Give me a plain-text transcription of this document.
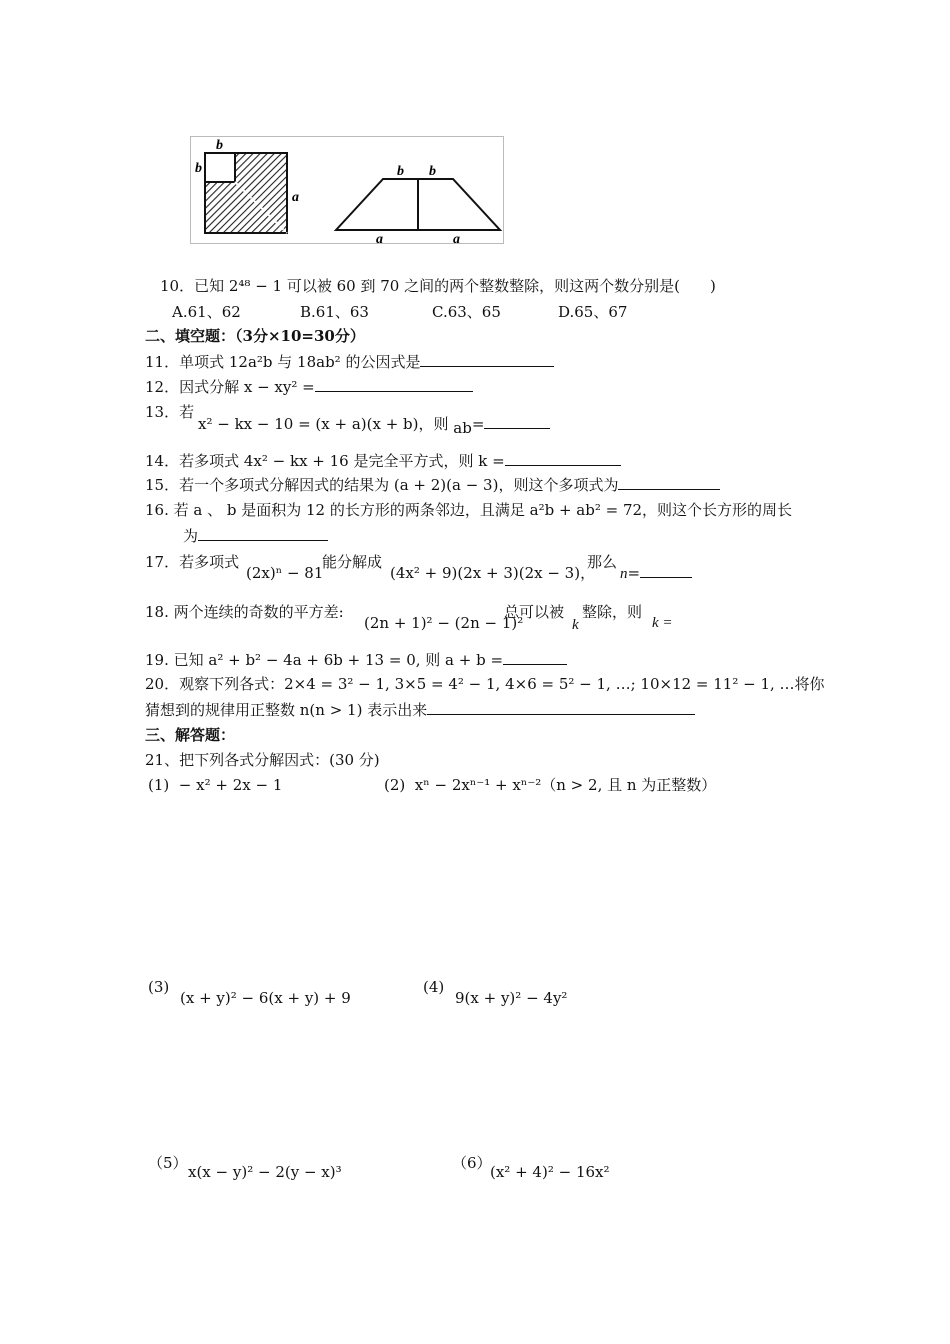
b
b
a
b b
a	a
10．已知 2⁴⁸ − 1 可以被 60 到 70 之间的两个整数整除，则这两个数分别是(　　)
A.61、62	B.61、63	C.63、65	D.65、67
二、填空题：（3分×10=30分）
11．单项式 12a²b 与 18ab² 的公因式是
12．因式分解 x − xy² =
13．若
x² − kx − 10 = (x + a)(x + b)，则 ab=
14．若多项式 4x² − kx + 16 是完全平方式，则 k =
15．若一个多项式分解因式的结果为 (a + 2)(a − 3)，则这个多项式为
16. 若 a 、 b 是面积为 12 的长方形的两条邻边，且满足 a²b + ab² = 72，则这个长方形的周长
为
17．若多项式
(2x)ⁿ − 81
能分解成
(4x² + 9)(2x + 3)(2x − 3)，
那么
n=
18. 两个连续的奇数的平方差:
(2n + 1)² − (2n − 1)²
总可以被
k
整除，则
k =
19. 已知 a² + b² − 4a + 6b + 13 = 0, 则 a + b =
20．观察下列各式：2×4 = 3² − 1, 3×5 = 4² − 1, 4×6 = 5² − 1, …; 10×12 = 11² − 1, …将你
猜想到的规律用正整数 n(n > 1) 表示出来
三、解答题：
21、把下列各式分解因式：(30 分)
(1) − x² + 2x − 1	(2) xⁿ − 2xⁿ⁻¹ + xⁿ⁻²（n > 2, 且 n 为正整数）
(3)
(x + y)² − 6(x + y) + 9
(4)
9(x + y)² − 4y²
（5） x(x − y)² − 2(y − x)³	（6）
(x² + 4)² − 16x²
